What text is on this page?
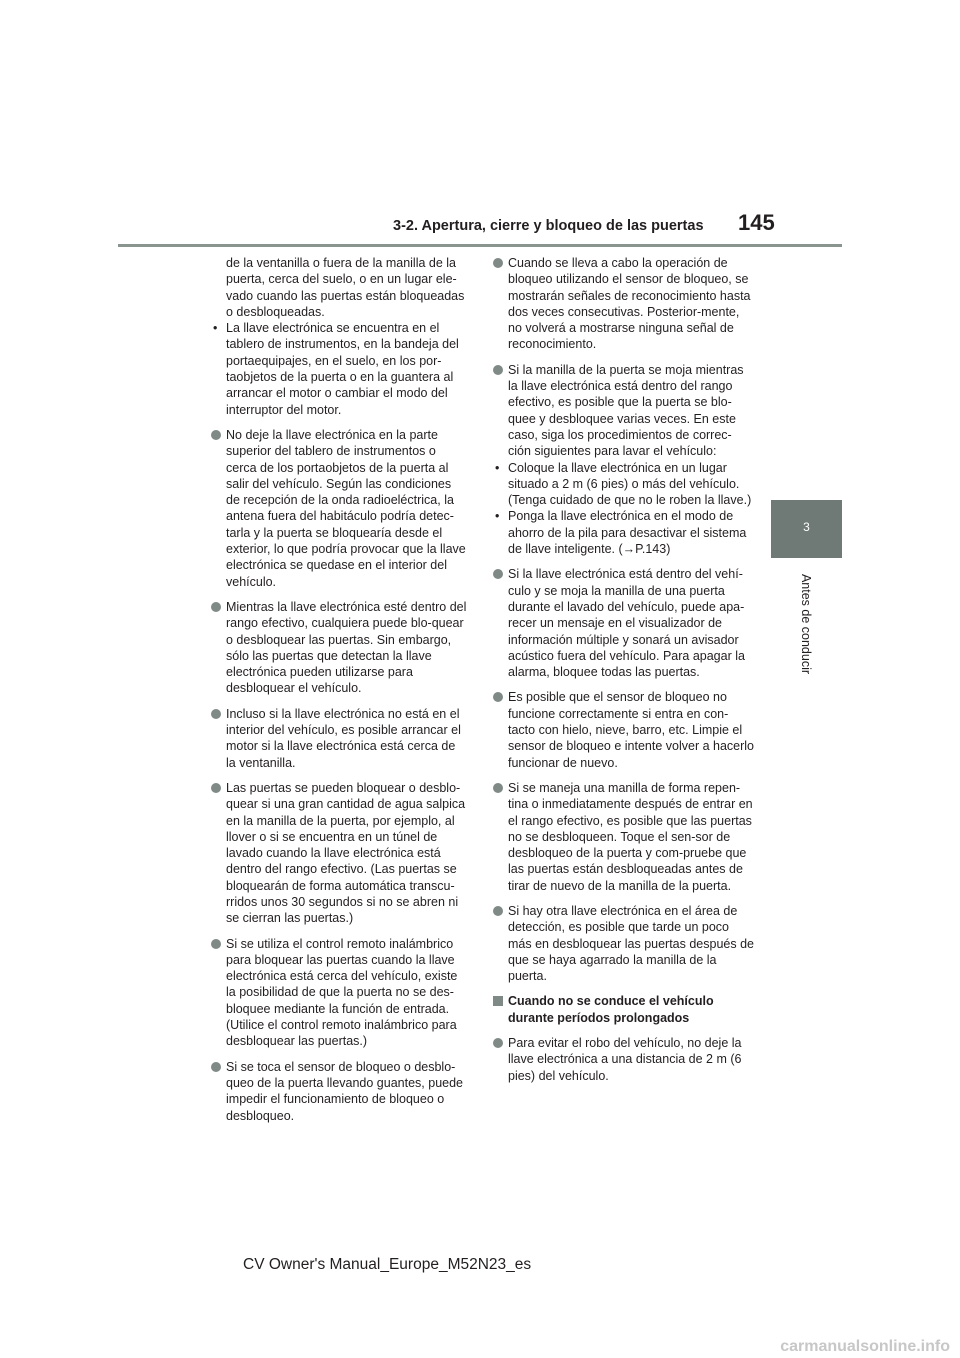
3-2. Apertura, cierre y bloqueo de las puertas 145
3
Antes de conducir
de la ventanilla o fuera de la manilla de la puerta, cerca del suelo, o en un lugar ele-vado cuando las puertas están bloqueadas o desbloqueadas.
• La llave electrónica se encuentra en el tablero de instrumentos, en la bandeja del portaequipajes, en el suelo, en los por-taobjetos de la puerta o en la guantera al arrancar el motor o cambiar el modo del interruptor del motor.
No deje la llave electrónica en la parte superior del tablero de instrumentos o cerca de los portaobjetos de la puerta al salir del vehículo. Según las condiciones de recepción de la onda radioeléctrica, la antena fuera del habitáculo podría detec-tarla y la puerta se bloquearía desde el exterior, lo que podría provocar que la llave electrónica se quedase en el interior del vehículo.
Mientras la llave electrónica esté dentro del rango efectivo, cualquiera puede blo-quear o desbloquear las puertas. Sin embargo, sólo las puertas que detectan la llave electrónica pueden utilizarse para desbloquear el vehículo.
Incluso si la llave electrónica no está en el interior del vehículo, es posible arrancar el motor si la llave electrónica está cerca de la ventanilla.
Las puertas se pueden bloquear o desblo-quear si una gran cantidad de agua salpica en la manilla de la puerta, por ejemplo, al llover o si se encuentra en un túnel de lavado cuando la llave electrónica está dentro del rango efectivo. (Las puertas se bloquearán de forma automática transcu-rridos unos 30 segundos si no se abren ni se cierran las puertas.)
Si se utiliza el control remoto inalámbrico para bloquear las puertas cuando la llave electrónica está cerca del vehículo, existe la posibilidad de que la puerta no se des-bloquee mediante la función de entrada. (Utilice el control remoto inalámbrico para desbloquear las puertas.)
Si se toca el sensor de bloqueo o desblo-queo de la puerta llevando guantes, puede impedir el funcionamiento de bloqueo o desbloqueo.
Cuando se lleva a cabo la operación de bloqueo utilizando el sensor de bloqueo, se mostrarán señales de reconocimiento hasta dos veces consecutivas. Posterior-mente, no volverá a mostrarse ninguna señal de reconocimiento.
Si la manilla de la puerta se moja mientras la llave electrónica está dentro del rango efectivo, es posible que la puerta se blo-quee y desbloquee varias veces. En este caso, siga los procedimientos de correc-ción siguientes para lavar el vehículo:
• Coloque la llave electrónica en un lugar situado a 2 m (6 pies) o más del vehículo. (Tenga cuidado de que no le roben la llave.)
• Ponga la llave electrónica en el modo de ahorro de la pila para desactivar el sistema de llave inteligente. (→P.143)
Si la llave electrónica está dentro del vehí-culo y se moja la manilla de una puerta durante el lavado del vehículo, puede apa-recer un mensaje en el visualizador de información múltiple y sonará un avisador acústico fuera del vehículo. Para apagar la alarma, bloquee todas las puertas.
Es posible que el sensor de bloqueo no funcione correctamente si entra en con-tacto con hielo, nieve, barro, etc. Limpie el sensor de bloqueo e intente volver a hacerlo funcionar de nuevo.
Si se maneja una manilla de forma repen-tina o inmediatamente después de entrar en el rango efectivo, es posible que las puertas no se desbloqueen. Toque el sen-sor de desbloqueo de la puerta y com-pruebe que las puertas están desbloqueadas antes de tirar de nuevo de la manilla de la puerta.
Si hay otra llave electrónica en el área de detección, es posible que tarde un poco más en desbloquear las puertas después de que se haya agarrado la manilla de la puerta.
Cuando no se conduce el vehículo durante períodos prolongados
Para evitar el robo del vehículo, no deje la llave electrónica a una distancia de 2 m (6 pies) del vehículo.
CV Owner's Manual_Europe_M52N23_es
carmanualsonline.info
